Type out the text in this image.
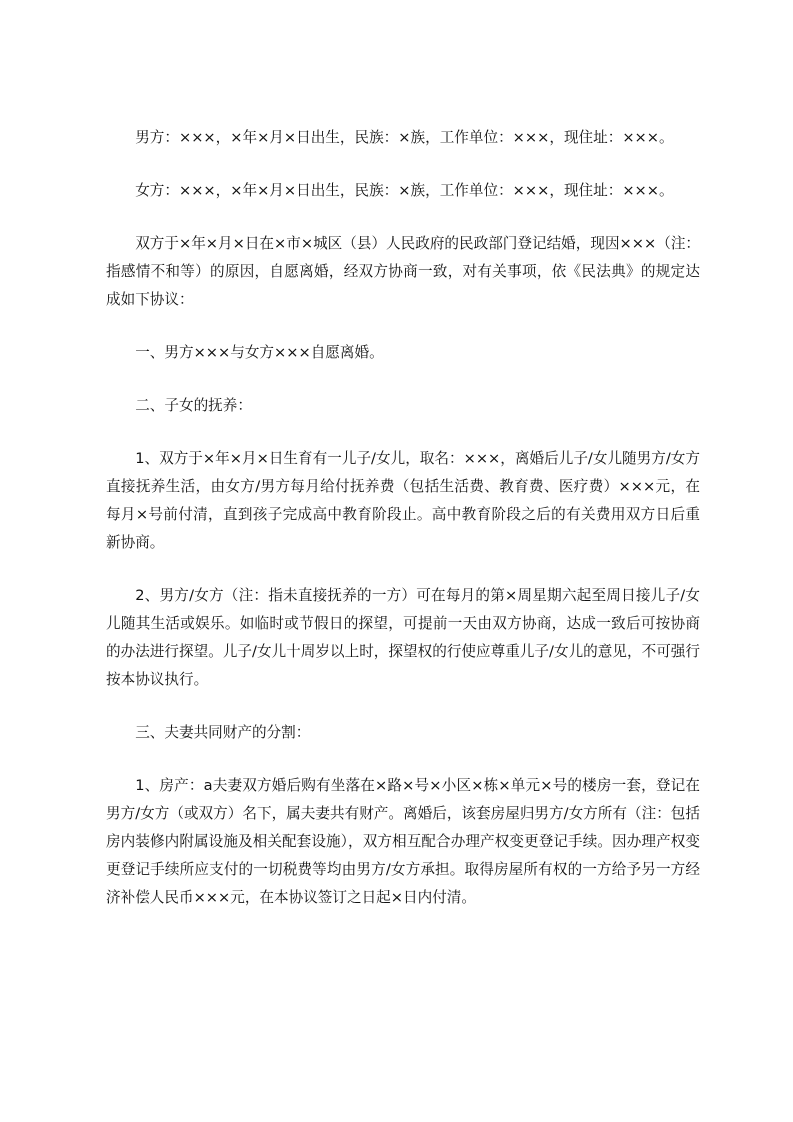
男方：×××，×年×月×日出生，民族：×族，工作单位：×××，现住址：×××。

女方：×××，×年×月×日出生，民族：×族，工作单位：×××，现住址：×××。

双方于×年×月×日在×市×城区（县）人民政府的民政部门登记结婚，现因×××（注：指感情不和等）的原因，自愿离婚，经双方协商一致，对有关事项，依《民法典》的规定达成如下协议：

一、男方×××与女方×××自愿离婚。

二、子女的抚养：

1、双方于×年×月×日生育有一儿子/女儿，取名：×××，离婚后儿子/女儿随男方/女方直接抚养生活，由女方/男方每月给付抚养费（包括生活费、教育费、医疗费）×××元，在每月×号前付清，直到孩子完成高中教育阶段止。高中教育阶段之后的有关费用双方日后重新协商。

2、男方/女方（注：指未直接抚养的一方）可在每月的第×周星期六起至周日接儿子/女儿随其生活或娱乐。如临时或节假日的探望，可提前一天由双方协商，达成一致后可按协商的办法进行探望。儿子/女儿十周岁以上时，探望权的行使应尊重儿子/女儿的意见，不可强行按本协议执行。

三、夫妻共同财产的分割：

1、房产：a夫妻双方婚后购有坐落在×路×号×小区×栋×单元×号的楼房一套，登记在男方/女方（或双方）名下，属夫妻共有财产。离婚后，该套房屋归男方/女方所有（注：包括房内装修内附属设施及相关配套设施），双方相互配合办理产权变更登记手续。因办理产权变更登记手续所应支付的一切税费等均由男方/女方承担。取得房屋所有权的一方给予另一方经济补偿人民币×××元，在本协议签订之日起×日内付清。
